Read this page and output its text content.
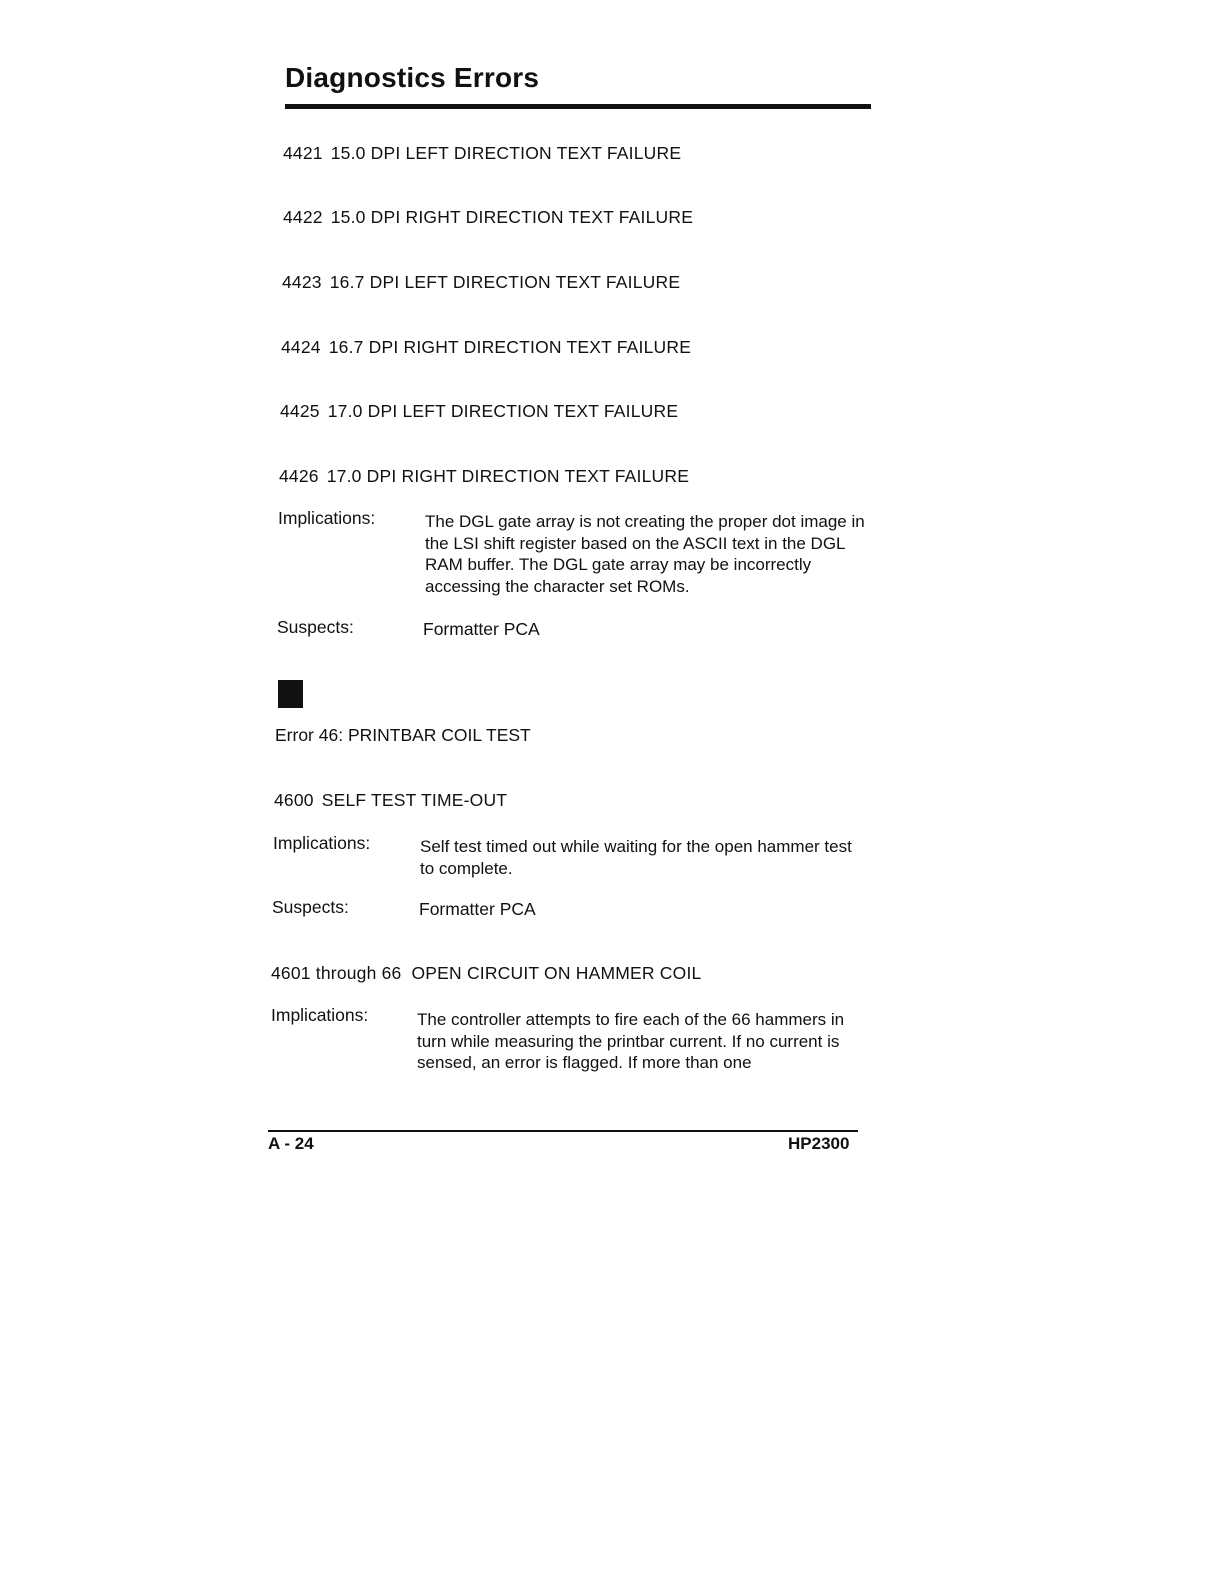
Diagnostics Errors
4421 15.0 DPI LEFT DIRECTION TEXT FAILURE
4422 15.0 DPI RIGHT DIRECTION TEXT FAILURE
4423 16.7 DPI LEFT DIRECTION TEXT FAILURE
4424 16.7 DPI RIGHT DIRECTION TEXT FAILURE
4425 17.0 DPI LEFT DIRECTION TEXT FAILURE
4426 17.0 DPI RIGHT DIRECTION TEXT FAILURE
Implications:	The DGL gate array is not creating the proper dot image in the LSI shift register based on the ASCII text in the DGL RAM buffer. The DGL gate array may be incorrectly accessing the character set ROMs.
Suspects:	Formatter PCA
Error 46: PRINTBAR COIL TEST
4600 SELF TEST TIME-OUT
Implications:	Self test timed out while waiting for the open hammer test to complete.
Suspects:	Formatter PCA
4601 through 66 OPEN CIRCUIT ON HAMMER COIL
Implications:	The controller attempts to fire each of the 66 hammers in turn while measuring the printbar current. If no current is sensed, an error is flagged. If more than one
A - 24	HP2300
